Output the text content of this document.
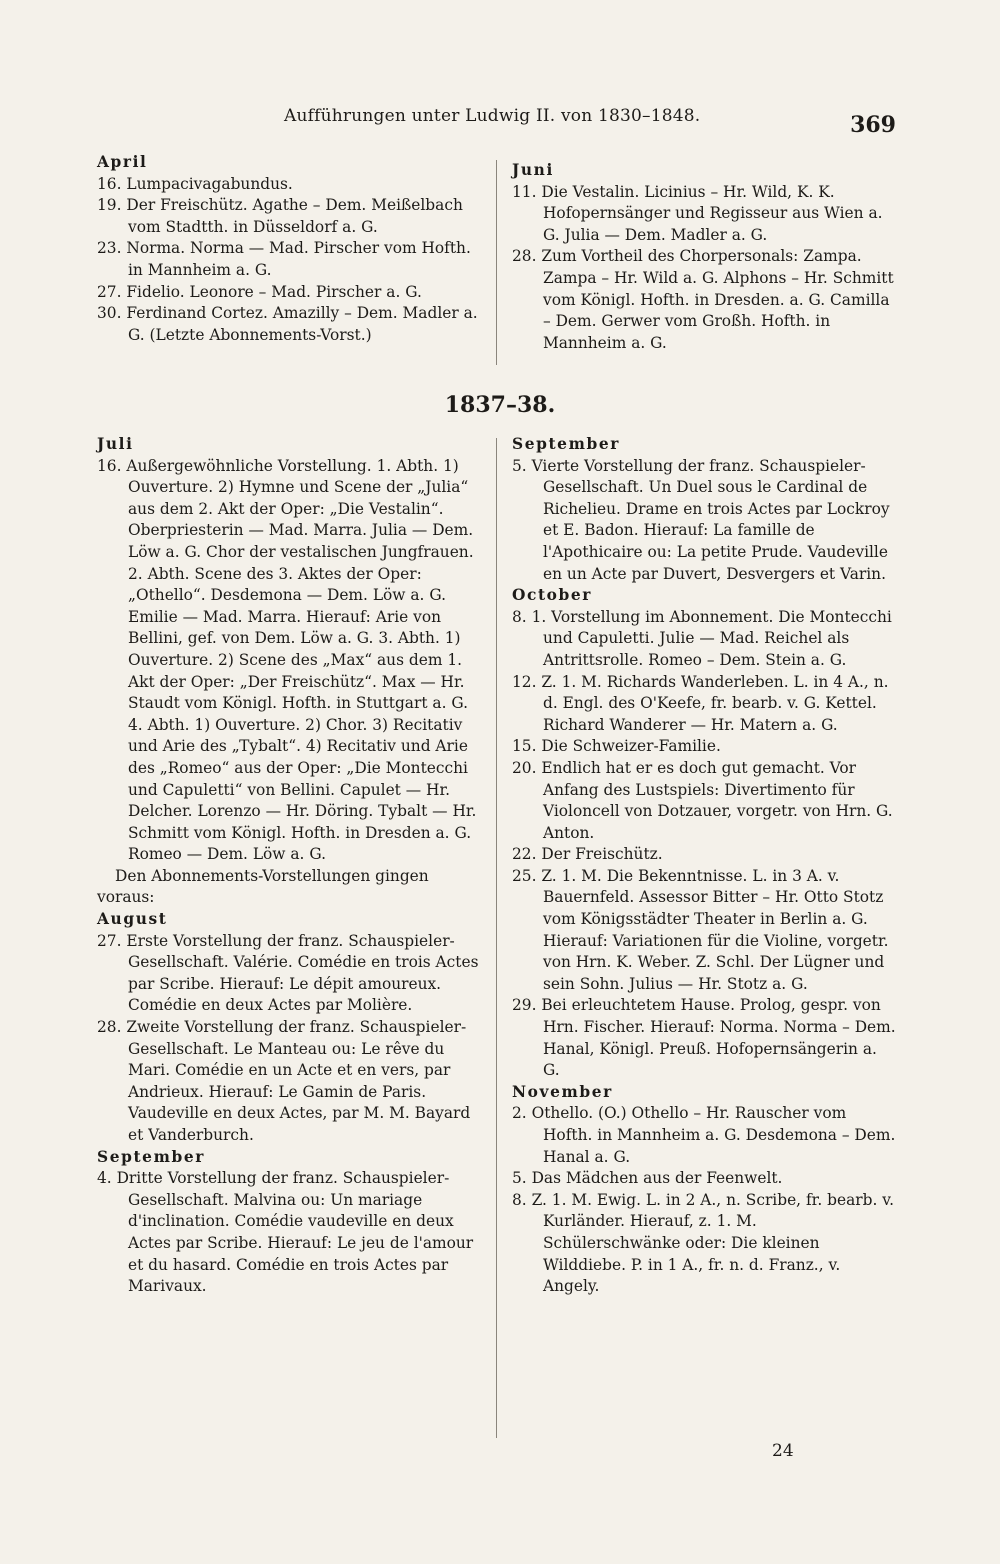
Aufführungen unter Ludwig II. von 1830–1848.	369
April

16. Lumpacivagabundus.

19. Der Freischütz. Agathe – Dem. Meißelbach vom Stadtth. in Düsseldorf a. G.

23. Norma. Norma — Mad. Pirscher vom Hofth. in Mannheim a. G.

27. Fidelio. Leonore – Mad. Pirscher a. G.

30. Ferdinand Cortez. Amazilly – Dem. Madler a. G. (Letzte Abonnements-Vorst.)

Juni

11. Die Vestalin. Licinius – Hr. Wild, K. K. Hofopernsänger und Regisseur aus Wien a. G. Julia — Dem. Madler a. G.

28. Zum Vortheil des Chorpersonals: Zampa. Zampa – Hr. Wild a. G. Alphons – Hr. Schmitt vom Königl. Hofth. in Dresden. a. G. Camilla – Dem. Gerwer vom Großh. Hofth. in Mannheim a. G.

1837–38.
Juli

16. Außergewöhnliche Vorstellung. 1. Abth. 1) Ouverture. 2) Hymne und Scene der „Julia“ aus dem 2. Akt der Oper: „Die Vestalin“. Oberpriesterin — Mad. Marra. Julia — Dem. Löw a. G. Chor der vestalischen Jungfrauen. 2. Abth. Scene des 3. Aktes der Oper: „Othello“. Desdemona — Dem. Löw a. G. Emilie — Mad. Marra. Hierauf: Arie von Bellini, gef. von Dem. Löw a. G. 3. Abth. 1) Ouverture. 2) Scene des „Max“ aus dem 1. Akt der Oper: „Der Freischütz“. Max — Hr. Staudt vom Königl. Hofth. in Stuttgart a. G. 4. Abth. 1) Ouverture. 2) Chor. 3) Recitativ und Arie des „Tybalt“. 4) Recitativ und Arie des „Romeo“ aus der Oper: „Die Montecchi und Capuletti“ von Bellini. Capulet — Hr. Delcher. Lorenzo — Hr. Döring. Tybalt — Hr. Schmitt vom Königl. Hofth. in Dresden a. G. Romeo — Dem. Löw a. G.

Den Abonnements-Vorstellungen gingen voraus:

August

27. Erste Vorstellung der franz. Schauspieler-Gesellschaft. Valérie. Comédie en trois Actes par Scribe. Hierauf: Le dépit amoureux. Comédie en deux Actes par Molière.

28. Zweite Vorstellung der franz. Schauspieler-Gesellschaft. Le Manteau ou: Le rêve du Mari. Comédie en un Acte et en vers, par Andrieux. Hierauf: Le Gamin de Paris. Vaudeville en deux Actes, par M. M. Bayard et Vanderburch.

September

4. Dritte Vorstellung der franz. Schauspieler-Gesellschaft. Malvina ou: Un mariage d'inclination. Comédie vaudeville en deux Actes par Scribe. Hierauf: Le jeu de l'amour et du hasard. Comédie en trois Actes par Marivaux.

September

5. Vierte Vorstellung der franz. Schauspieler-Gesellschaft. Un Duel sous le Cardinal de Richelieu. Drame en trois Actes par Lockroy et E. Badon. Hierauf: La famille de l'Apothicaire ou: La petite Prude. Vaudeville en un Acte par Duvert, Desvergers et Varin.

October

8. 1. Vorstellung im Abonnement. Die Montecchi und Capuletti. Julie — Mad. Reichel als Antrittsrolle. Romeo – Dem. Stein a. G.

12. Z. 1. M. Richards Wanderleben. L. in 4 A., n. d. Engl. des O'Keefe, fr. bearb. v. G. Kettel. Richard Wanderer — Hr. Matern a. G.

15. Die Schweizer-Familie.

20. Endlich hat er es doch gut gemacht. Vor Anfang des Lustspiels: Divertimento für Violoncell von Dotzauer, vorgetr. von Hrn. G. Anton.

22. Der Freischütz.

25. Z. 1. M. Die Bekenntnisse. L. in 3 A. v. Bauernfeld. Assessor Bitter – Hr. Otto Stotz vom Königsstädter Theater in Berlin a. G. Hierauf: Variationen für die Violine, vorgetr. von Hrn. K. Weber. Z. Schl. Der Lügner und sein Sohn. Julius — Hr. Stotz a. G.

29. Bei erleuchtetem Hause. Prolog, gespr. von Hrn. Fischer. Hierauf: Norma. Norma – Dem. Hanal, Königl. Preuß. Hofopernsängerin a. G.

November

2. Othello. (O.) Othello – Hr. Rauscher vom Hofth. in Mannheim a. G. Desdemona – Dem. Hanal a. G.

5. Das Mädchen aus der Feenwelt.

8. Z. 1. M. Ewig. L. in 2 A., n. Scribe, fr. bearb. v. Kurländer. Hierauf, z. 1. M. Schülerschwänke oder: Die kleinen Wilddiebe. P. in 1 A., fr. n. d. Franz., v. Angely.

24
